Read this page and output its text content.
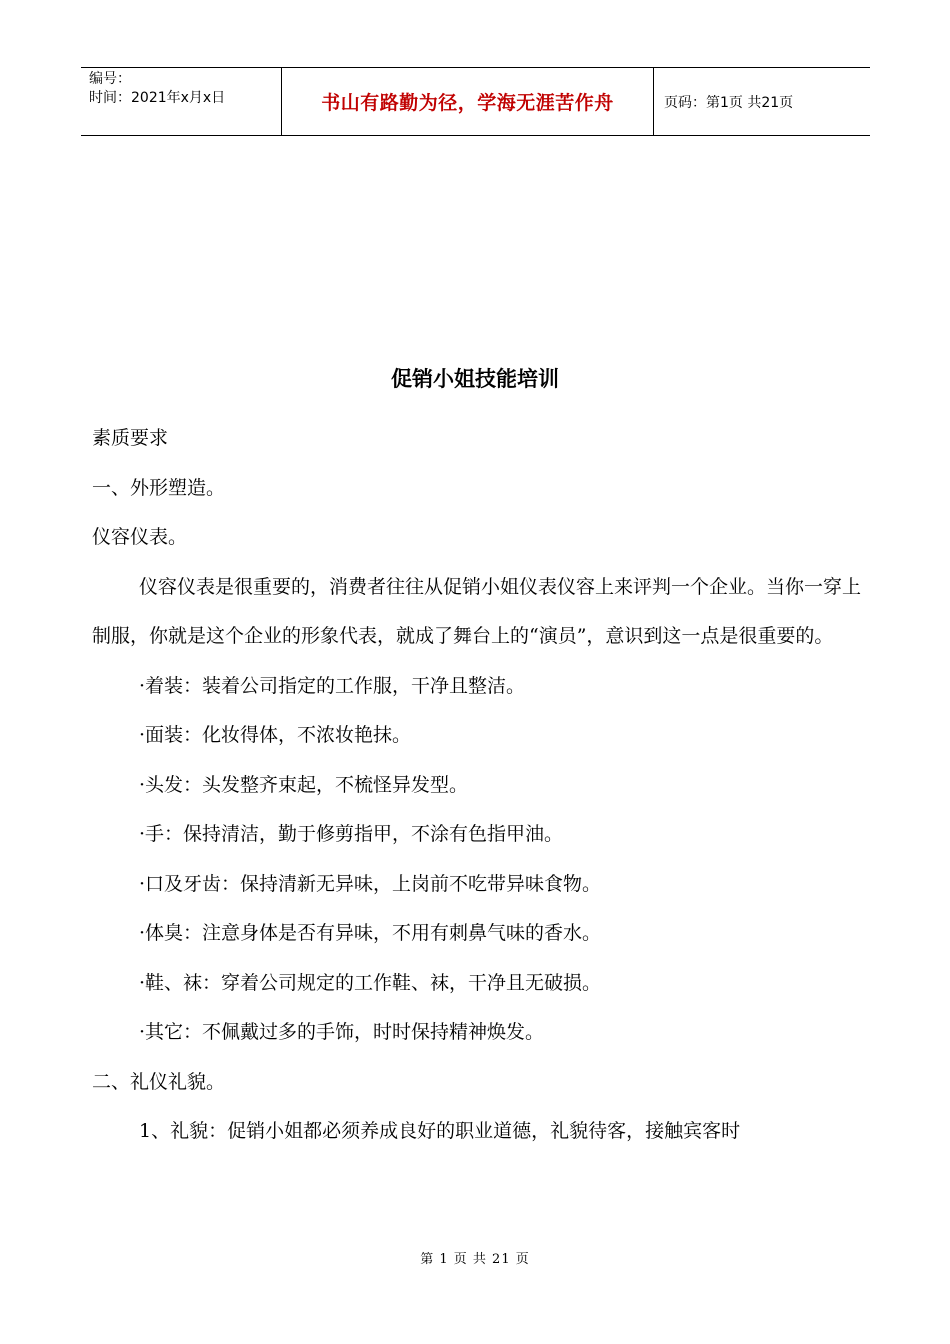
编号：
时间：2021年x月x日	书山有路勤为径，学海无涯苦作舟	页码：第1页 共21页
促销小姐技能培训

素质要求

一、外形塑造。

仪容仪表。

仪容仪表是很重要的，消费者往往从促销小姐仪表仪容上来评判一个企业。当你一穿上制服，你就是这个企业的形象代表，就成了舞台上的“演员”，意识到这一点是很重要的。

·着装：装着公司指定的工作服，干净且整洁。

·面装：化妆得体，不浓妆艳抹。

·头发：头发整齐束起，不梳怪异发型。

·手：保持清洁，勤于修剪指甲，不涂有色指甲油。

·口及牙齿：保持清新无异味，上岗前不吃带异味食物。

·体臭：注意身体是否有异味，不用有刺鼻气味的香水。

·鞋、袜：穿着公司规定的工作鞋、袜，干净且无破损。

·其它：不佩戴过多的手饰，时时保持精神焕发。

二、礼仪礼貌。

1、礼貌：促销小姐都必须养成良好的职业道德，礼貌待客，接触宾客时

第 1 页 共 21 页
